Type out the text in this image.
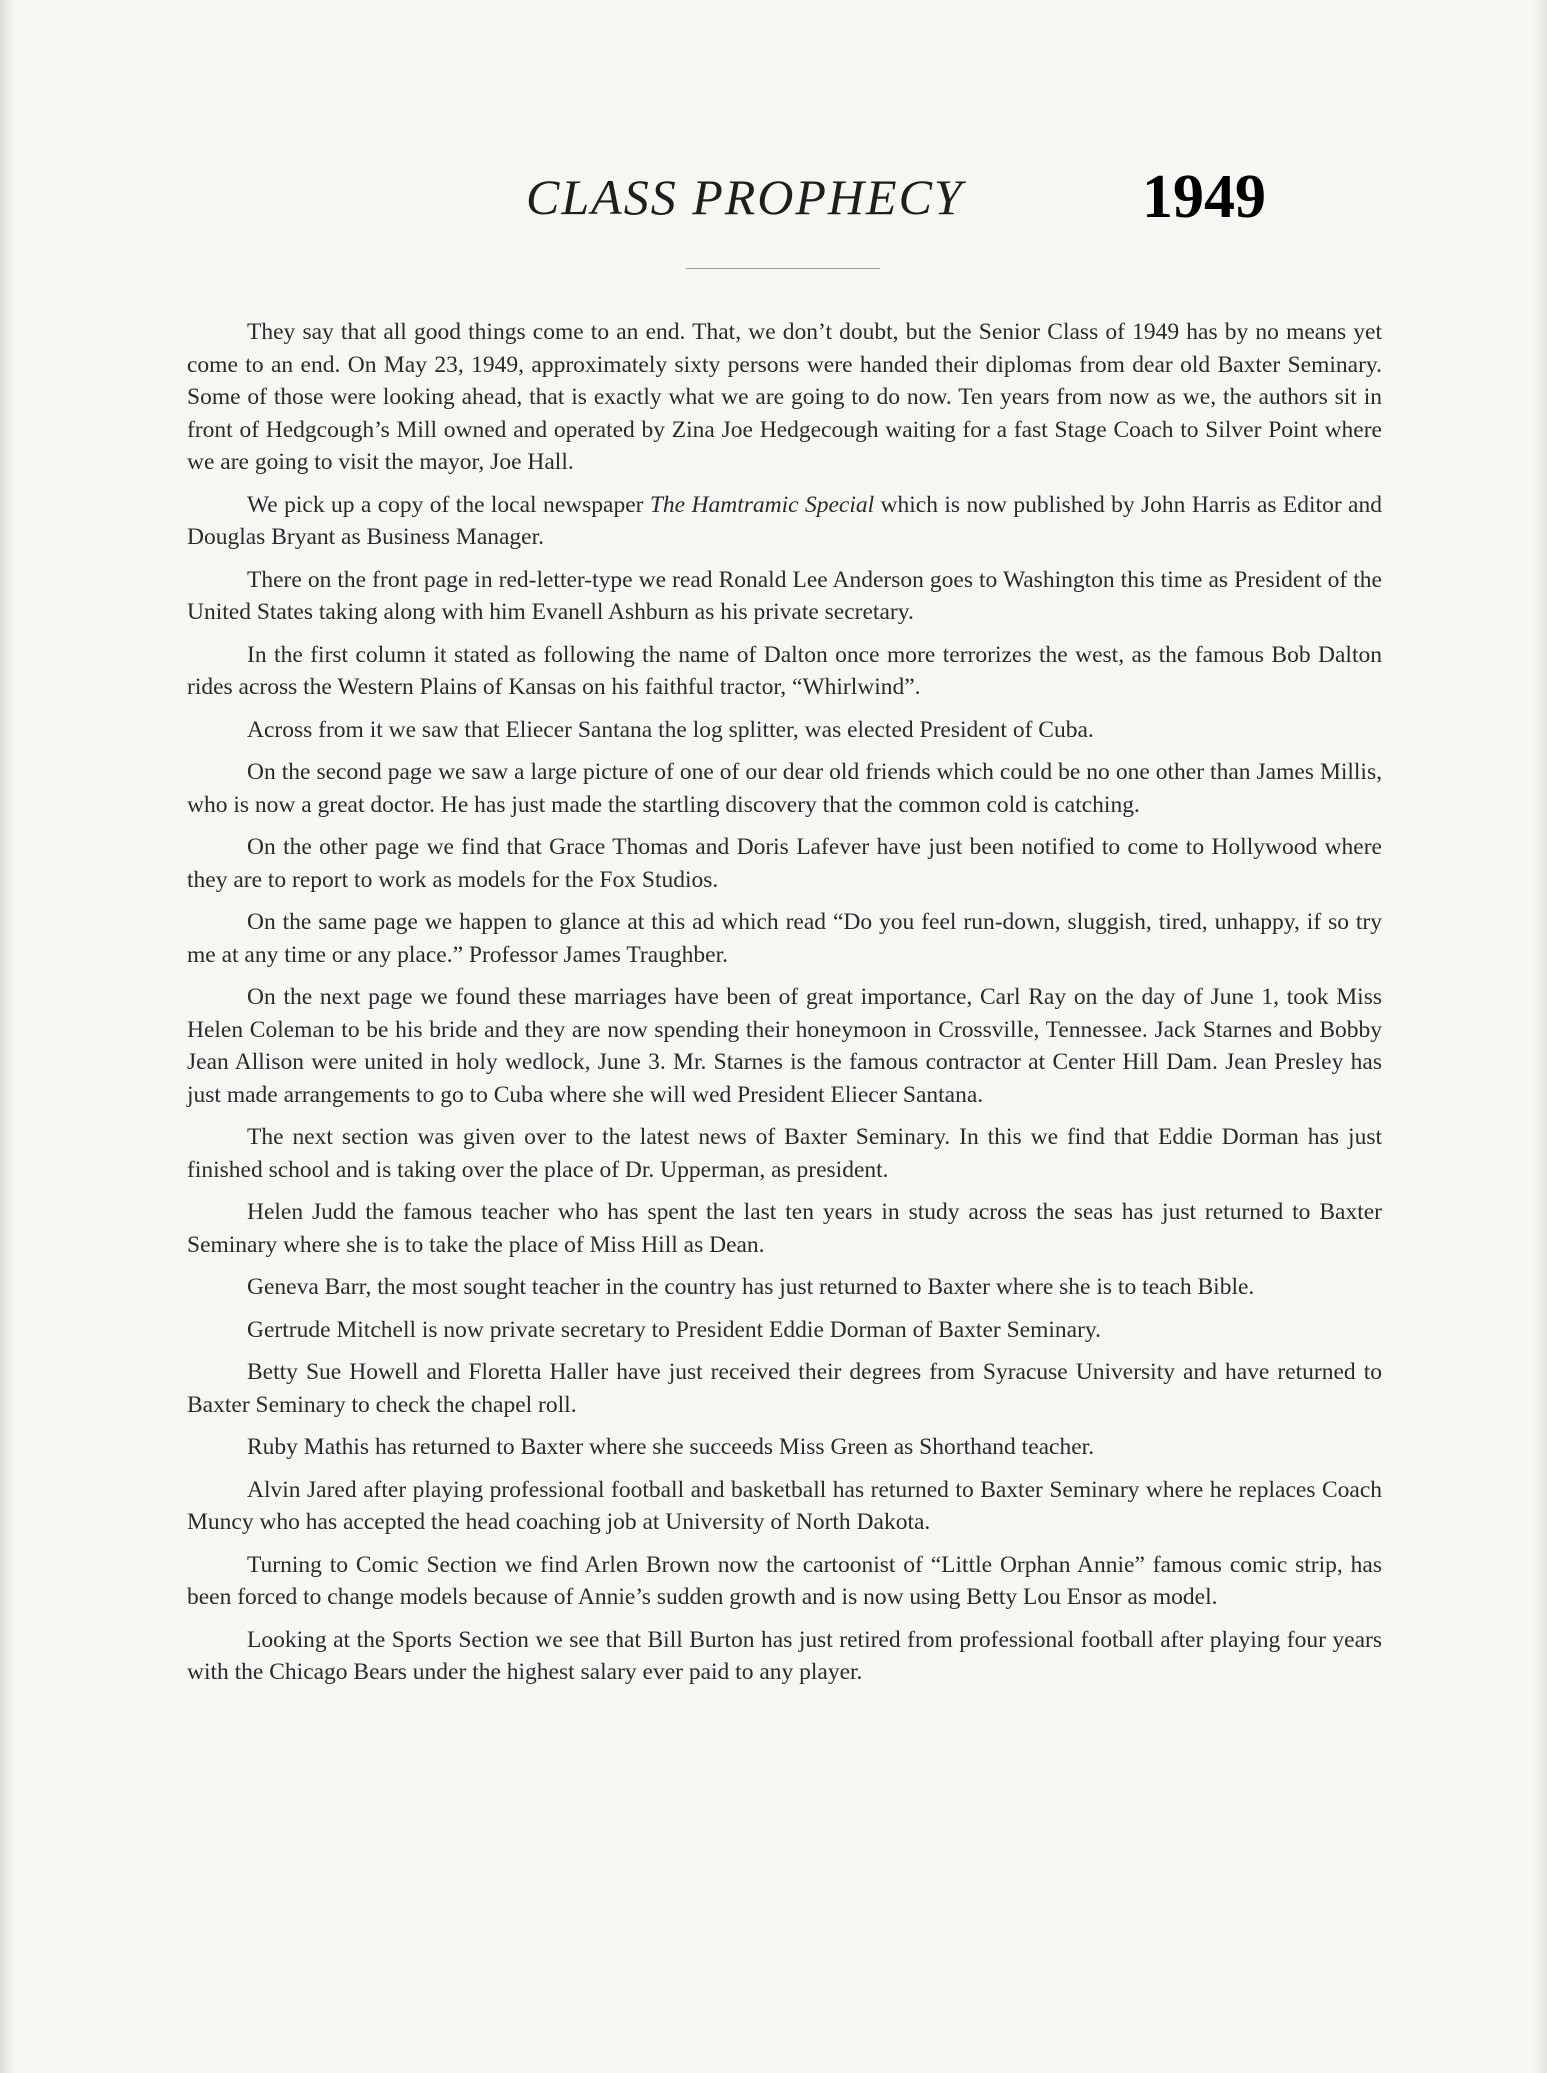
CLASS PROPHECY	1949

They say that all good things come to an end. That, we don’t doubt, but the Senior Class of 1949 has by no means yet come to an end. On May 23, 1949, approximately sixty persons were handed their diplomas from dear old Baxter Seminary. Some of those were looking ahead, that is exactly what we are going to do now. Ten years from now as we, the authors sit in front of Hedgcough’s Mill owned and operated by Zina Joe Hedgecough waiting for a fast Stage Coach to Silver Point where we are going to visit the mayor, Joe Hall.

We pick up a copy of the local newspaper The Hamtramic Special which is now published by John Harris as Editor and Douglas Bryant as Business Manager.

There on the front page in red-letter-type we read Ronald Lee Anderson goes to Washington this time as President of the United States taking along with him Evanell Ashburn as his private secretary.

In the first column it stated as following the name of Dalton once more terrorizes the west, as the famous Bob Dalton rides across the Western Plains of Kansas on his faithful tractor, “Whirlwind”.

Across from it we saw that Eliecer Santana the log splitter, was elected President of Cuba.

On the second page we saw a large picture of one of our dear old friends which could be no one other than James Millis, who is now a great doctor. He has just made the startling discovery that the common cold is catching.

On the other page we find that Grace Thomas and Doris Lafever have just been notified to come to Hollywood where they are to report to work as models for the Fox Studios.

On the same page we happen to glance at this ad which read “Do you feel run-down, sluggish, tired, unhappy, if so try me at any time or any place.” Professor James Traughber.

On the next page we found these marriages have been of great importance, Carl Ray on the day of June 1, took Miss Helen Coleman to be his bride and they are now spending their honeymoon in Crossville, Tennessee. Jack Starnes and Bobby Jean Allison were united in holy wedlock, June 3. Mr. Starnes is the famous contractor at Center Hill Dam. Jean Presley has just made arrangements to go to Cuba where she will wed President Eliecer Santana.

The next section was given over to the latest news of Baxter Seminary. In this we find that Eddie Dorman has just finished school and is taking over the place of Dr. Upperman, as president.

Helen Judd the famous teacher who has spent the last ten years in study across the seas has just returned to Baxter Seminary where she is to take the place of Miss Hill as Dean.

Geneva Barr, the most sought teacher in the country has just returned to Baxter where she is to teach Bible.

Gertrude Mitchell is now private secretary to President Eddie Dorman of Baxter Seminary.

Betty Sue Howell and Floretta Haller have just received their degrees from Syracuse University and have returned to Baxter Seminary to check the chapel roll.

Ruby Mathis has returned to Baxter where she succeeds Miss Green as Shorthand teacher.

Alvin Jared after playing professional football and basketball has returned to Baxter Seminary where he replaces Coach Muncy who has accepted the head coaching job at University of North Dakota.

Turning to Comic Section we find Arlen Brown now the cartoonist of “Little Orphan Annie” famous comic strip, has been forced to change models because of Annie’s sudden growth and is now using Betty Lou Ensor as model.

Looking at the Sports Section we see that Bill Burton has just retired from professional football after playing four years with the Chicago Bears under the highest salary ever paid to any player.
